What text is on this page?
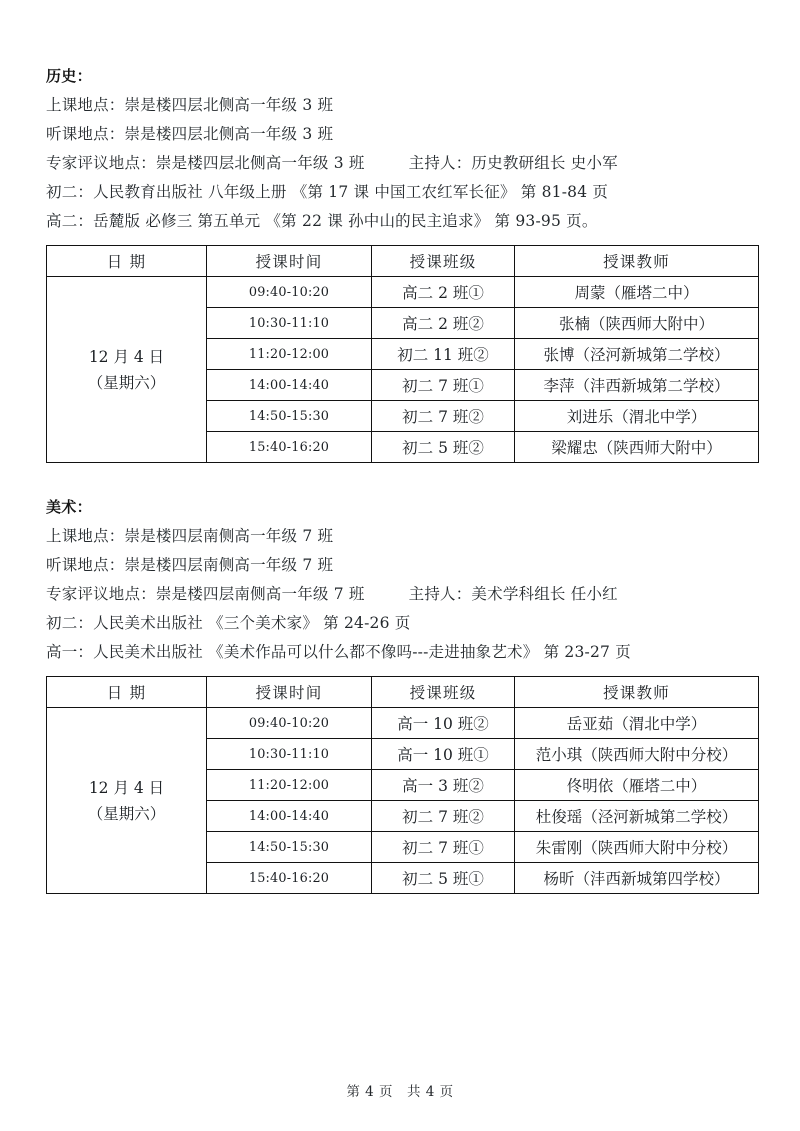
历史：

上课地点：崇是楼四层北侧高一年级 3 班

听课地点：崇是楼四层北侧高一年级 3 班

专家评议地点：崇是楼四层北侧高一年级 3 班	主持人：历史教研组长 史小军

初二：人民教育出版社 八年级上册 《第 17 课 中国工农红军长征》 第 81-84 页

高二：岳麓版 必修三 第五单元 《第 22 课 孙中山的民主追求》 第 93-95 页。

日 期	授课时间	授课班级	授课教师

12 月 4 日
（星期六）	09:40-10:20	高二 2 班①	周蒙（雁塔二中）
	10:30-11:10	高二 2 班②	张楠（陕西师大附中）
	11:20-12:00	初二 11 班②	张博（泾河新城第二学校）
	14:00-14:40	初二 7 班①	李萍（沣西新城第二学校）
	14:50-15:30	初二 7 班②	刘进乐（渭北中学）
	15:40-16:20	初二 5 班②	梁耀忠（陕西师大附中）

美术：

上课地点：崇是楼四层南侧高一年级 7 班

听课地点：崇是楼四层南侧高一年级 7 班

专家评议地点：崇是楼四层南侧高一年级 7 班	主持人：美术学科组长 任小红

初二：人民美术出版社 《三个美术家》 第 24-26 页

高一：人民美术出版社 《美术作品可以什么都不像吗---走进抽象艺术》 第 23-27 页

日 期	授课时间	授课班级	授课教师

12 月 4 日
（星期六）	09:40-10:20	高一 10 班②	岳亚茹（渭北中学）
	10:30-11:10	高一 10 班①	范小琪（陕西师大附中分校）
	11:20-12:00	高一 3 班②	佟明依（雁塔二中）
	14:00-14:40	初二 7 班②	杜俊瑶（泾河新城第二学校）
	14:50-15:30	初二 7 班①	朱雷刚（陕西师大附中分校）
	15:40-16:20	初二 5 班①	杨昕（沣西新城第四学校）
第 4 页　共 4 页
